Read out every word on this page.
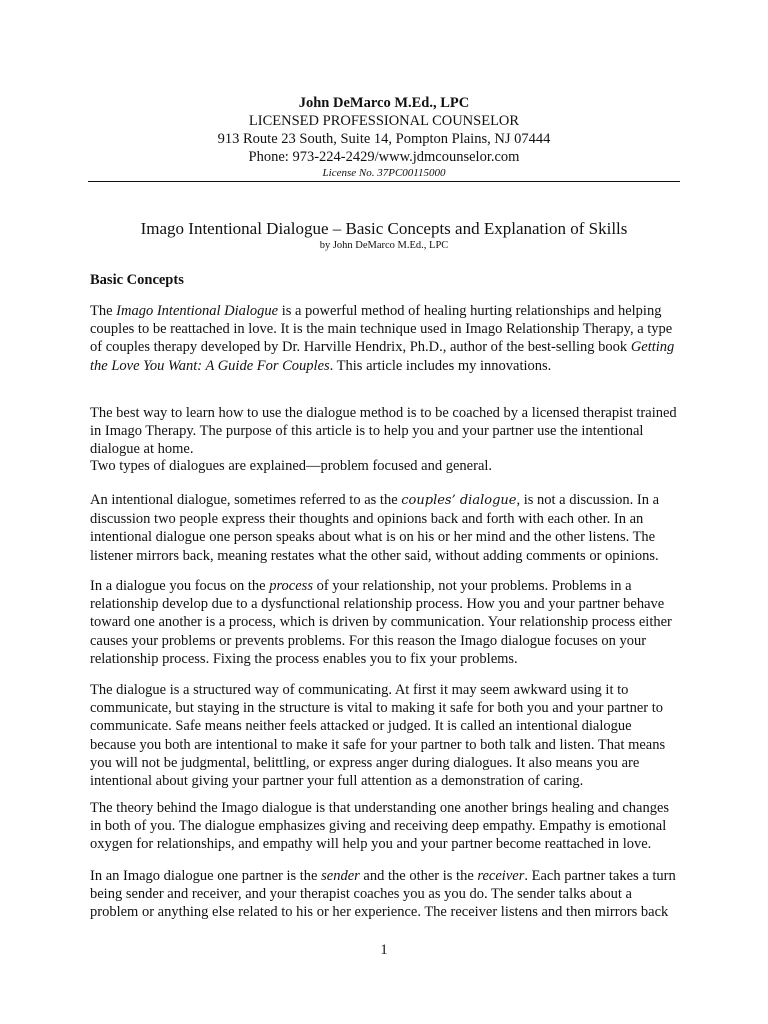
John DeMarco M.Ed., LPC
LICENSED PROFESSIONAL COUNSELOR
913 Route 23 South, Suite 14, Pompton Plains, NJ 07444
Phone: 973-224-2429/www.jdmcounselor.com
License No. 37PC00115000
Imago Intentional Dialogue – Basic Concepts and Explanation of Skills
by John DeMarco M.Ed., LPC
Basic Concepts
The Imago Intentional Dialogue is a powerful method of healing hurting relationships and helping
couples to be reattached in love. It is the main technique used in Imago Relationship Therapy, a type
of couples therapy developed by Dr. Harville Hendrix, Ph.D., author of the best-selling book Getting
the Love You Want: A Guide For Couples. This article includes my innovations.
The best way to learn how to use the dialogue method is to be coached by a licensed therapist trained
in Imago Therapy. The purpose of this article is to help you and your partner use the intentional
dialogue at home.
Two types of dialogues are explained—problem focused and general.
An intentional dialogue, sometimes referred to as the couples’ dialogue, is not a discussion. In a
discussion two people express their thoughts and opinions back and forth with each other. In an
intentional dialogue one person speaks about what is on his or her mind and the other listens. The
listener mirrors back, meaning restates what the other said, without adding comments or opinions.
In a dialogue you focus on the process of your relationship, not your problems. Problems in a
relationship develop due to a dysfunctional relationship process. How you and your partner behave
toward one another is a process, which is driven by communication. Your relationship process either
causes your problems or prevents problems. For this reason the Imago dialogue focuses on your
relationship process. Fixing the process enables you to fix your problems.
The dialogue is a structured way of communicating. At first it may seem awkward using it to
communicate, but staying in the structure is vital to making it safe for both you and your partner to
communicate. Safe means neither feels attacked or judged. It is called an intentional dialogue
because you both are intentional to make it safe for your partner to both talk and listen. That means
you will not be judgmental, belittling, or express anger during dialogues. It also means you are
intentional about giving your partner your full attention as a demonstration of caring.
The theory behind the Imago dialogue is that understanding one another brings healing and changes
in both of you. The dialogue emphasizes giving and receiving deep empathy. Empathy is emotional
oxygen for relationships, and empathy will help you and your partner become reattached in love.
In an Imago dialogue one partner is the sender and the other is the receiver. Each partner takes a turn
being sender and receiver, and your therapist coaches you as you do. The sender talks about a
problem or anything else related to his or her experience. The receiver listens and then mirrors back
1
